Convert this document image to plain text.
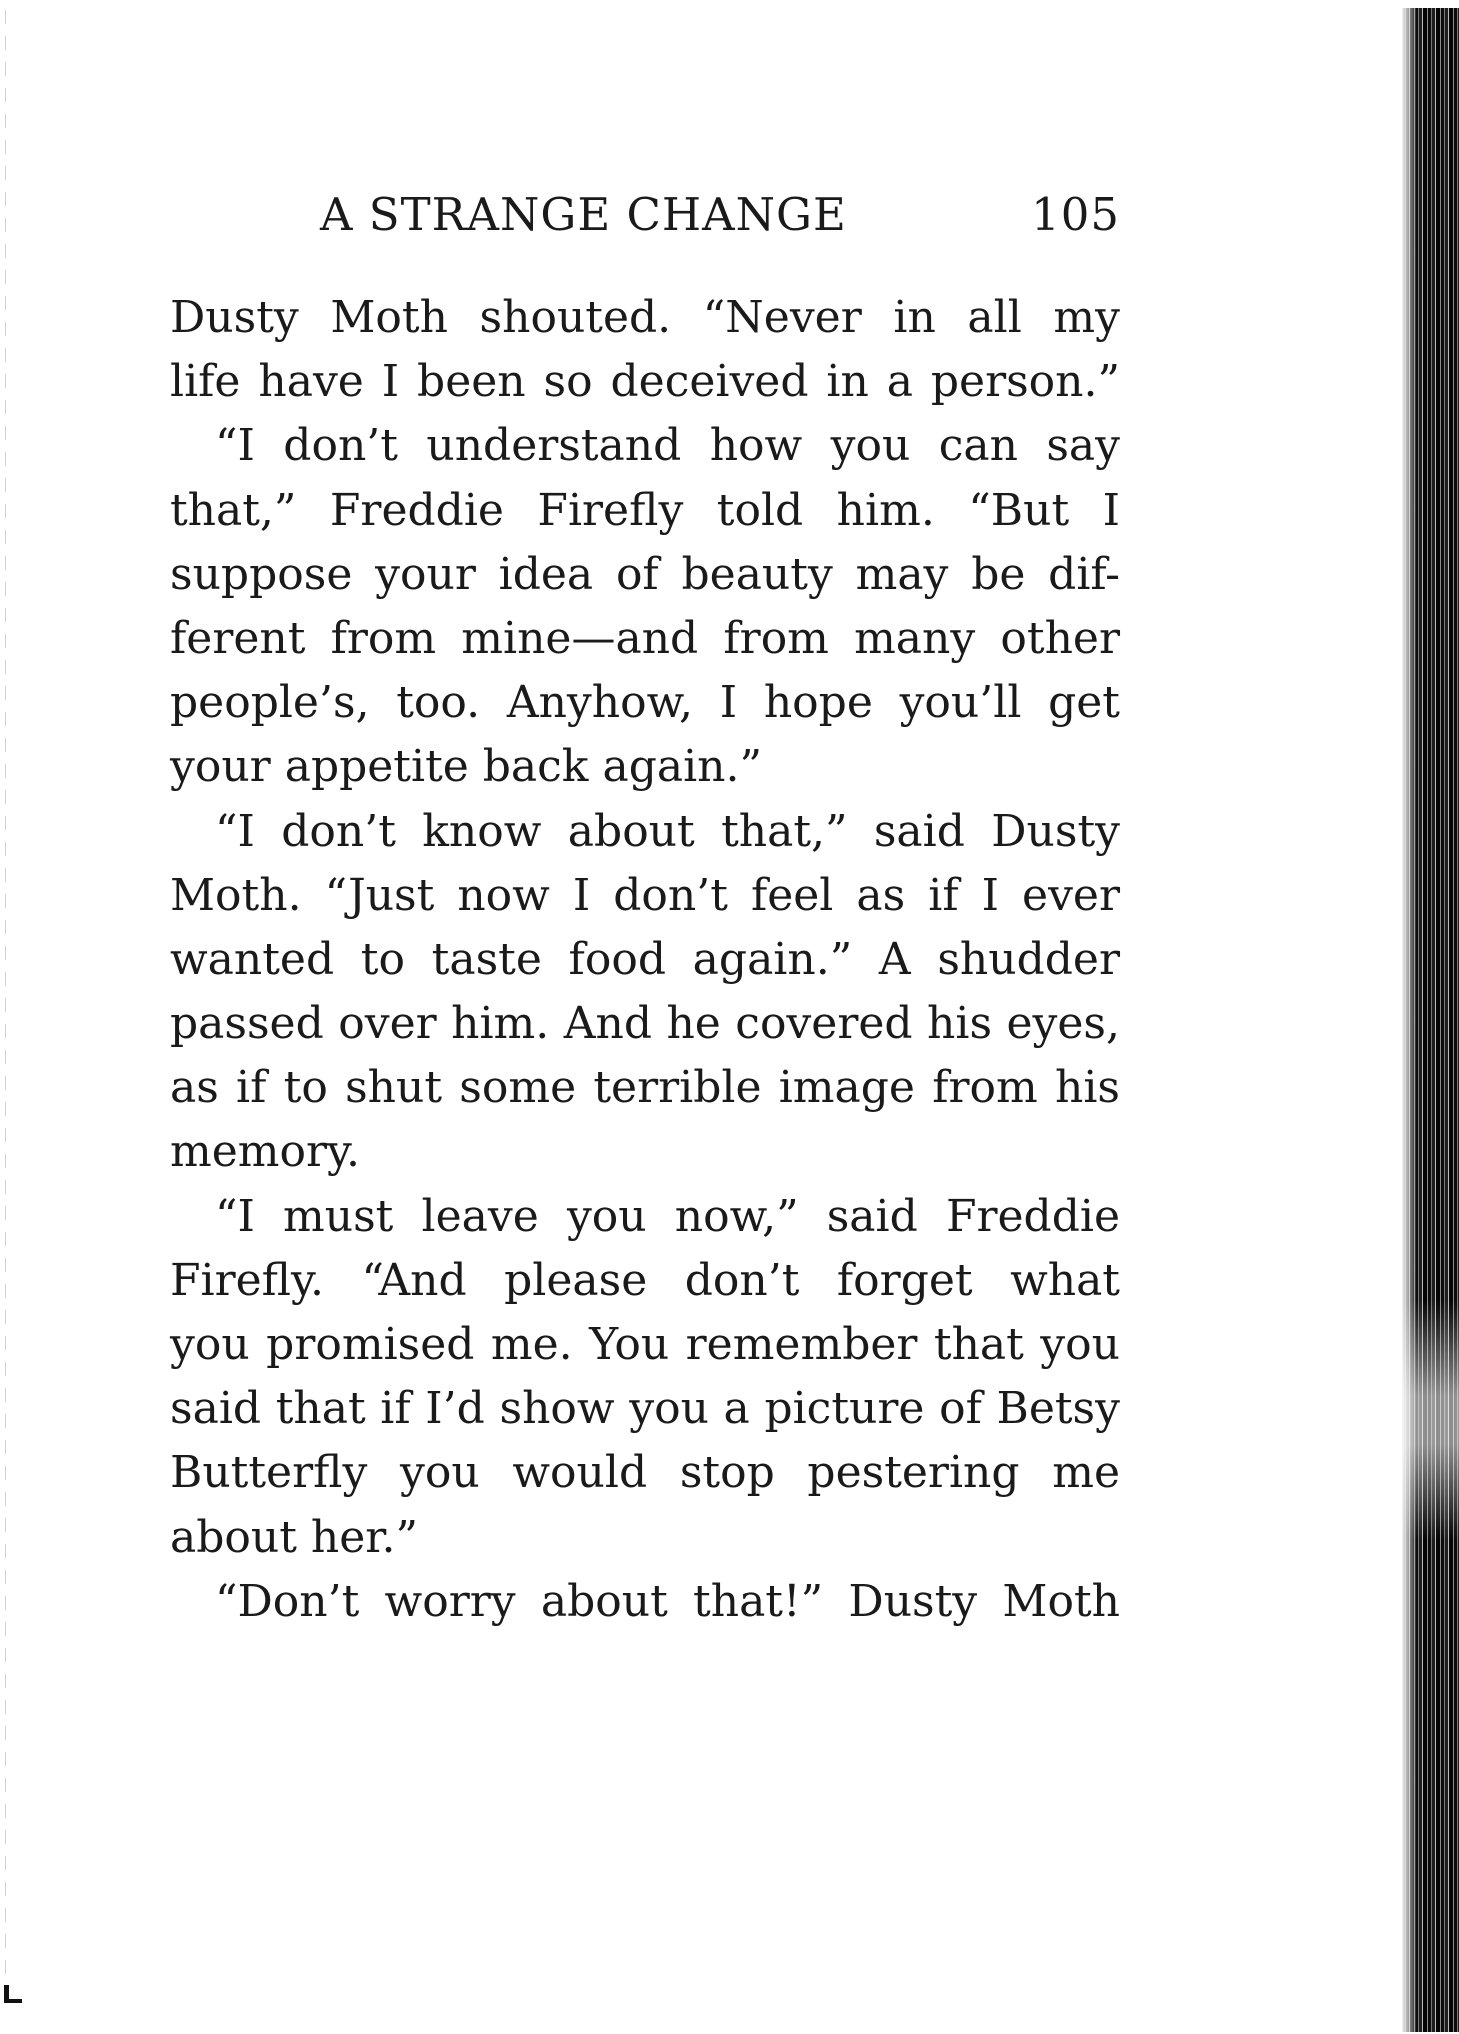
A STRANGE CHANGE	105
Dusty Moth shouted. “Never in all my
life have I been so deceived in a person.”
“I don’t understand how you can say
that,” Freddie Firefly told him. “But I
suppose your idea of beauty may be dif-
ferent from mine—and from many other
people’s, too. Anyhow, I hope you’ll get
your appetite back again.”
“I don’t know about that,” said Dusty
Moth. “Just now I don’t feel as if I ever
wanted to taste food again.” A shudder
passed over him. And he covered his eyes,
as if to shut some terrible image from his
memory.
“I must leave you now,” said Freddie
Firefly. “And please don’t forget what
you promised me. You remember that you
said that if I’d show you a picture of Betsy
Butterfly you would stop pestering me
about her.”
“Don’t worry about that!” Dusty Moth
